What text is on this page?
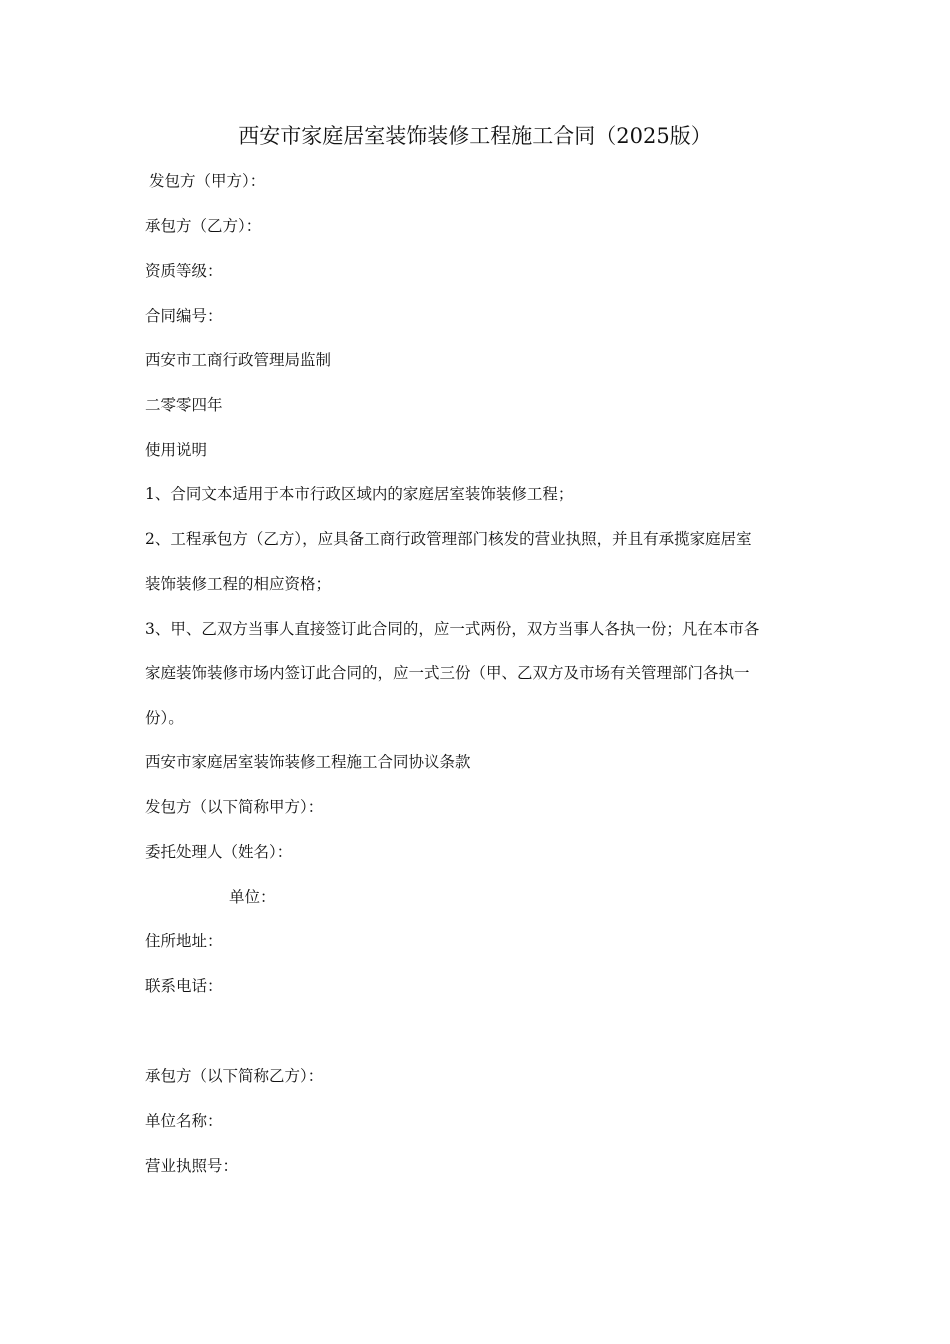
西安市家庭居室装饰装修工程施工合同（2025版）
发包方（甲方）：
承包方（乙方）：
资质等级：
合同编号：
西安市工商行政管理局监制
二零零四年
使用说明
1、合同文本适用于本市行政区域内的家庭居室装饰装修工程；
2、工程承包方（乙方），应具备工商行政管理部门核发的营业执照，并且有承揽家庭居室
装饰装修工程的相应资格；
3、甲、乙双方当事人直接签订此合同的，应一式两份，双方当事人各执一份；凡在本市各
家庭装饰装修市场内签订此合同的，应一式三份（甲、乙双方及市场有关管理部门各执一
份）。
西安市家庭居室装饰装修工程施工合同协议条款
发包方（以下简称甲方）：
委托处理人（姓名）：
单位：
住所地址：
联系电话：
承包方（以下简称乙方）：
单位名称：
营业执照号：
